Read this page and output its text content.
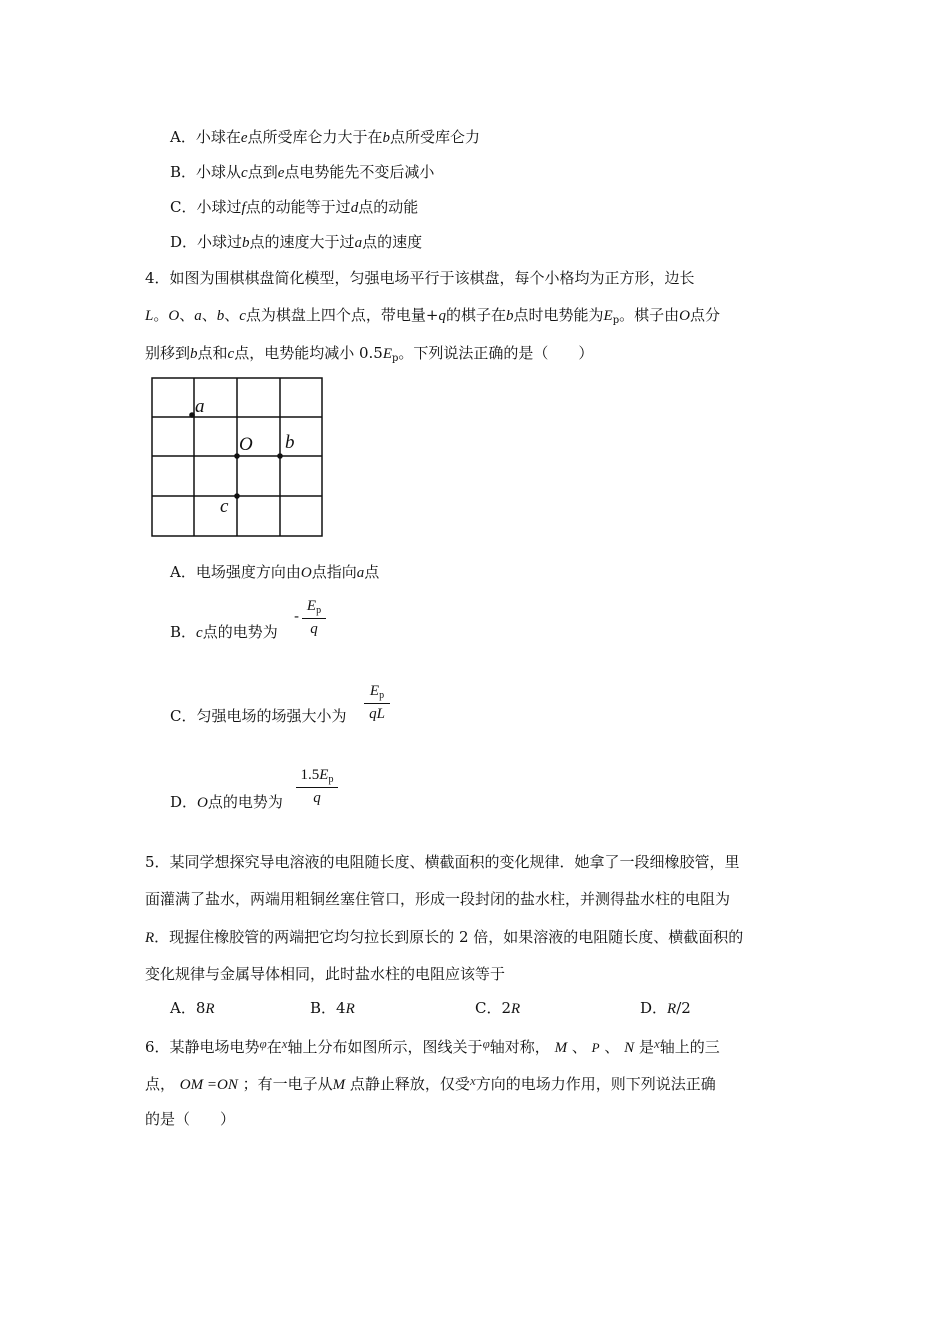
A．小球在e点所受库仑力大于在b点所受库仑力
B．小球从c点到e点电势能先不变后减小
C．小球过f点的动能等于过d点的动能
D．小球过b点的速度大于过a点的速度
4．如图为围棋棋盘简化模型，匀强电场平行于该棋盘，每个小格均为正方形，边长
L。O、a、b、c点为棋盘上四个点，带电量+q的棋子在b点时电势能为$E_p$。棋子由O点分
别移到b点和c点，电势能均减小 $0.5E_p$。下列说法正确的是（　　）
a
O b
c
A．电场强度方向由O点指向a点
B．c点的电势为
-
$E_p$
q
C．匀强电场的场强大小为
$E_p$
qL
D．O点的电势为
$1.5E_p$
q
5．某同学想探究导电溶液的电阻随长度、横截面积的变化规律．她拿了一段细橡胶管，里
面灌满了盐水，两端用粗铜丝塞住管口，形成一段封闭的盐水柱，并测得盐水柱的电阻为
R．现握住橡胶管的两端把它均匀拉长到原长的 2 倍，如果溶液的电阻随长度、横截面积的
变化规律与金属导体相同，此时盐水柱的电阻应该等于
A．8R	B．4R	C．2R	D．R/2
6．某静电场电势φ在x轴上分布如图所示，图线关于φ轴对称， M 、 P 、 N 是x轴上的三
点， OM =ON ；有一电子从M 点静止释放，仅受x方向的电场力作用，则下列说法正确
的是（　　）
